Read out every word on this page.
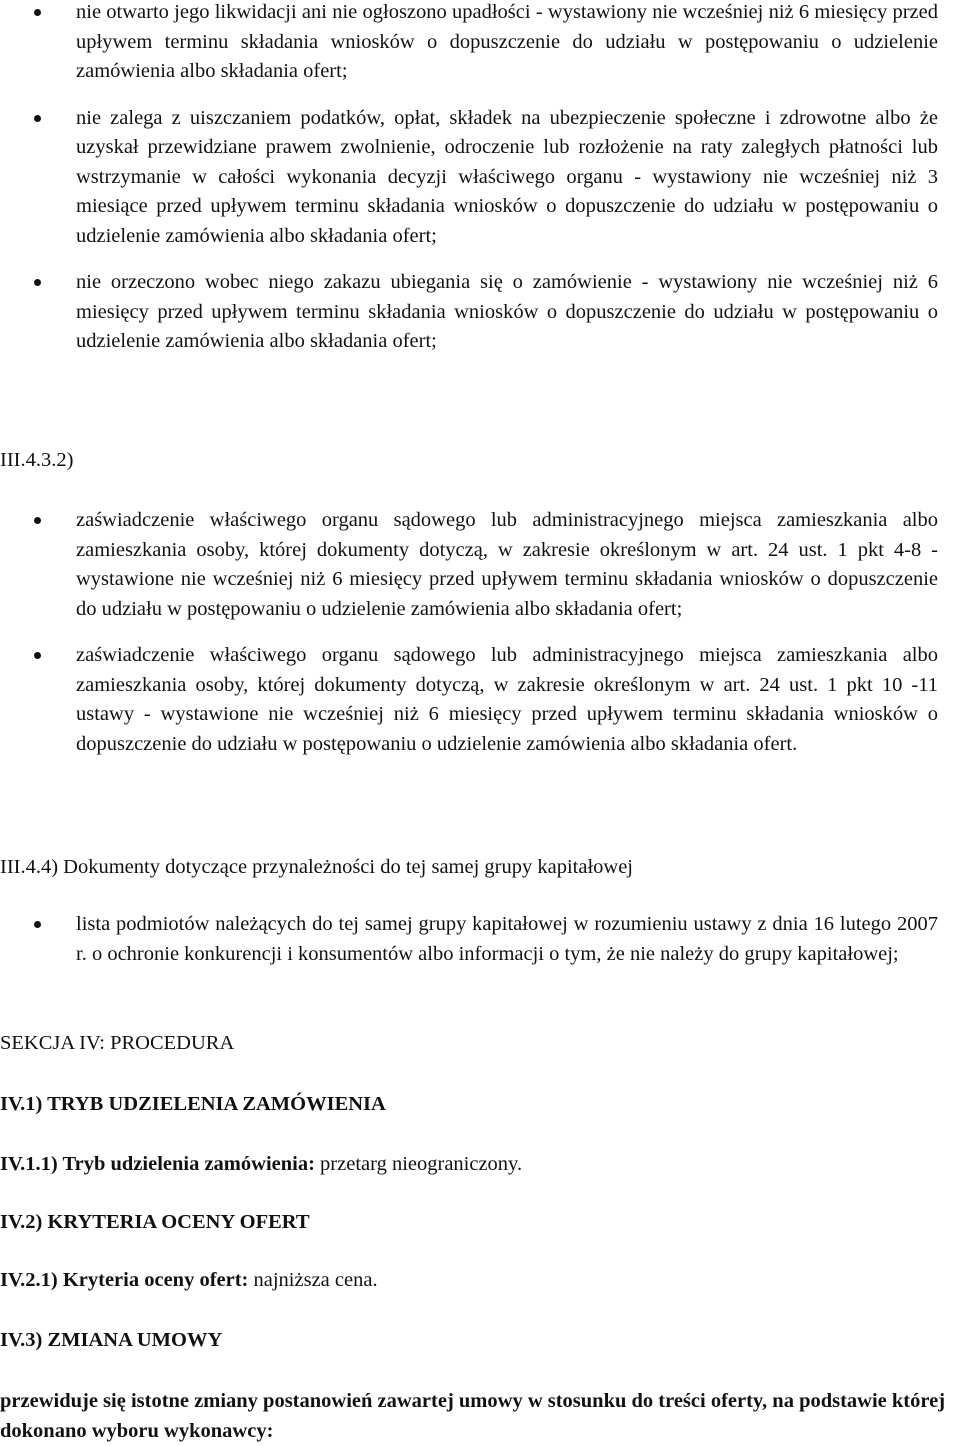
nie otwarto jego likwidacji ani nie ogłoszono upadłości - wystawiony nie wcześniej niż 6 miesięcy przed upływem terminu składania wniosków o dopuszczenie do udziału w postępowaniu o udzielenie zamówienia albo składania ofert;
nie zalega z uiszczaniem podatków, opłat, składek na ubezpieczenie społeczne i zdrowotne albo że uzyskał przewidziane prawem zwolnienie, odroczenie lub rozłożenie na raty zaległych płatności lub wstrzymanie w całości wykonania decyzji właściwego organu - wystawiony nie wcześniej niż 3 miesiące przed upływem terminu składania wniosków o dopuszczenie do udziału w postępowaniu o udzielenie zamówienia albo składania ofert;
nie orzeczono wobec niego zakazu ubiegania się o zamówienie - wystawiony nie wcześniej niż 6 miesięcy przed upływem terminu składania wniosków o dopuszczenie do udziału w postępowaniu o udzielenie zamówienia albo składania ofert;
III.4.3.2)
zaświadczenie właściwego organu sądowego lub administracyjnego miejsca zamieszkania albo zamieszkania osoby, której dokumenty dotyczą, w zakresie określonym w art. 24 ust. 1 pkt 4-8 - wystawione nie wcześniej niż 6 miesięcy przed upływem terminu składania wniosków o dopuszczenie do udziału w postępowaniu o udzielenie zamówienia albo składania ofert;
zaświadczenie właściwego organu sądowego lub administracyjnego miejsca zamieszkania albo zamieszkania osoby, której dokumenty dotyczą, w zakresie określonym w art. 24 ust. 1 pkt 10 -11 ustawy - wystawione nie wcześniej niż 6 miesięcy przed upływem terminu składania wniosków o dopuszczenie do udziału w postępowaniu o udzielenie zamówienia albo składania ofert.
III.4.4) Dokumenty dotyczące przynależności do tej samej grupy kapitałowej
lista podmiotów należących do tej samej grupy kapitałowej w rozumieniu ustawy z dnia 16 lutego 2007 r. o ochronie konkurencji i konsumentów albo informacji o tym, że nie należy do grupy kapitałowej;
SEKCJA IV: PROCEDURA
IV.1) TRYB UDZIELENIA ZAMÓWIENIA
IV.1.1) Tryb udzielenia zamówienia: przetarg nieograniczony.
IV.2) KRYTERIA OCENY OFERT
IV.2.1) Kryteria oceny ofert: najniższa cena.
IV.3) ZMIANA UMOWY
przewiduje się istotne zmiany postanowień zawartej umowy w stosunku do treści oferty, na podstawie której dokonano wyboru wykonawcy:
